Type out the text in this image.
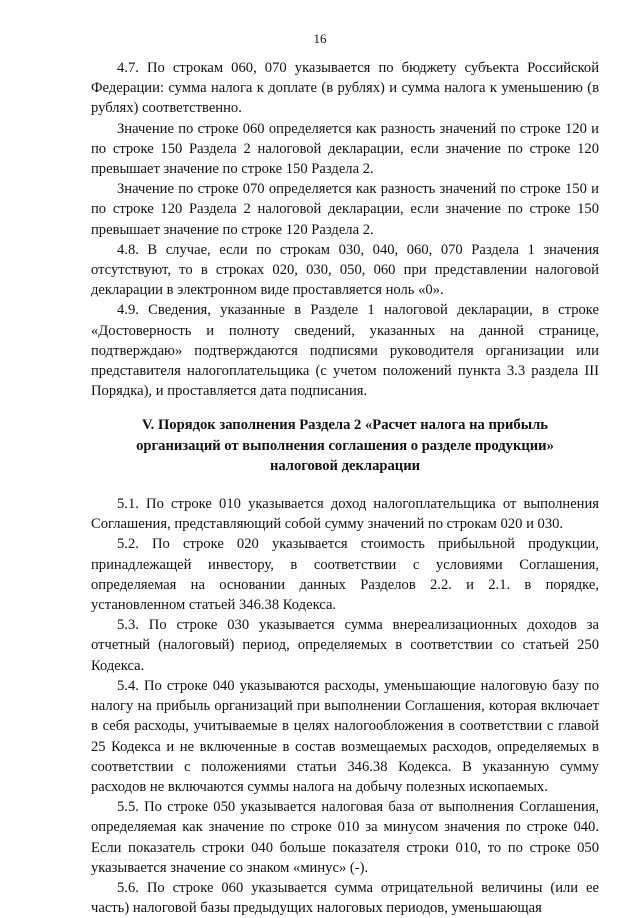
16

4.7. По строкам 060, 070 указывается по бюджету субъекта Российской Федерации: сумма налога к доплате (в рублях) и сумма налога к уменьшению (в рублях) соответственно.

Значение по строке 060 определяется как разность значений по строке 120 и по строке 150 Раздела 2 налоговой декларации, если значение по строке 120 превышает значение по строке 150 Раздела 2.

Значение по строке 070 определяется как разность значений по строке 150 и по строке 120 Раздела 2 налоговой декларации, если значение по строке 150 превышает значение по строке 120 Раздела 2.

4.8. В случае, если по строкам 030, 040, 060, 070 Раздела 1 значения отсутствуют, то в строках 020, 030, 050, 060 при представлении налоговой декларации в электронном виде проставляется ноль «0».

4.9. Сведения, указанные в Разделе 1 налоговой декларации, в строке «Достоверность и полноту сведений, указанных на данной странице, подтверждаю» подтверждаются подписями руководителя организации или представителя налогоплательщика (с учетом положений пункта 3.3 раздела III Порядка), и проставляется дата подписания.

V. Порядок заполнения Раздела 2 «Расчет налога на прибыль организаций от выполнения соглашения о разделе продукции» налоговой декларации

5.1. По строке 010 указывается доход налогоплательщика от выполнения Соглашения, представляющий собой сумму значений по строкам 020 и 030.

5.2. По строке 020 указывается стоимость прибыльной продукции, принадлежащей инвестору, в соответствии с условиями Соглашения, определяемая на основании данных Разделов 2.2. и 2.1. в порядке, установленном статьей 346.38 Кодекса.

5.3. По строке 030 указывается сумма внереализационных доходов за отчетный (налоговый) период, определяемых в соответствии со статьей 250 Кодекса.

5.4. По строке 040 указываются расходы, уменьшающие налоговую базу по налогу на прибыль организаций при выполнении Соглашения, которая включает в себя расходы, учитываемые в целях налогообложения в соответствии с главой 25 Кодекса и не включенные в состав возмещаемых расходов, определяемых в соответствии с положениями статьи 346.38 Кодекса. В указанную сумму расходов не включаются суммы налога на добычу полезных ископаемых.

5.5. По строке 050 указывается налоговая база от выполнения Соглашения, определяемая как значение по строке 010 за минусом значения по строке 040. Если показатель строки 040 больше показателя строки 010, то по строке 050 указывается значение со знаком «минус» (-).

5.6. По строке 060 указывается сумма отрицательной величины (или ее часть) налоговой базы предыдущих налоговых периодов, уменьшающая
